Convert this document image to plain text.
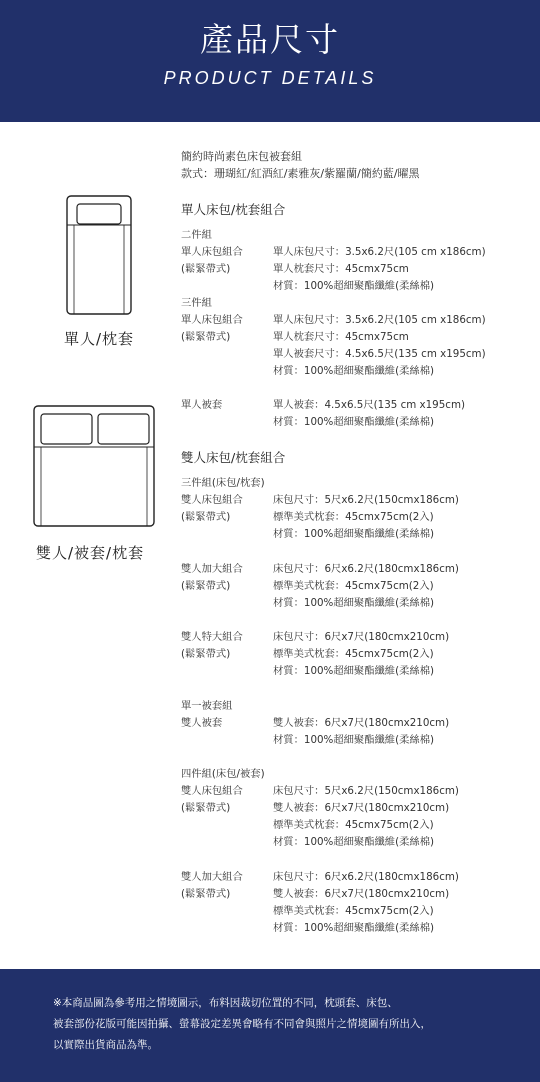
產品尺寸
PRODUCT DETAILS
簡約時尚素色床包被套組
款式：珊瑚紅/紅酒紅/素雅灰/紫羅蘭/簡約藍/曜黑
單人/枕套
雙人/被套/枕套
單人床包/枕套組合
二件組
單人床包組合
(鬆緊帶式)
單人床包尺寸：3.5x6.2尺(105 cm x186cm)
單人枕套尺寸：45cmx75cm
材質：100%超細聚酯纖維(柔絲棉)
三件組
單人床包組合
(鬆緊帶式)
單人床包尺寸：3.5x6.2尺(105 cm x186cm)
單人枕套尺寸：45cmx75cm
單人被套尺寸：4.5x6.5尺(135 cm x195cm)
材質：100%超細聚酯纖維(柔絲棉)
單人被套	單人被套：4.5x6.5尺(135 cm x195cm)
材質：100%超細聚酯纖維(柔絲棉)
雙人床包/枕套組合
三件組(床包/枕套)
雙人床包組合
(鬆緊帶式)
床包尺寸：5尺x6.2尺(150cmx186cm)
標準美式枕套：45cmx75cm(2入)
材質：100%超細聚酯纖維(柔絲棉)
雙人加大組合
(鬆緊帶式)
床包尺寸：6尺x6.2尺(180cmx186cm)
標準美式枕套：45cmx75cm(2入)
材質：100%超細聚酯纖維(柔絲棉)
雙人特大組合
(鬆緊帶式)
床包尺寸：6尺x7尺(180cmx210cm)
標準美式枕套：45cmx75cm(2入)
材質：100%超細聚酯纖維(柔絲棉)
單一被套組
雙人被套	雙人被套：6尺x7尺(180cmx210cm)
材質：100%超細聚酯纖維(柔絲棉)
四件組(床包/被套)
雙人床包組合
(鬆緊帶式)
床包尺寸：5尺x6.2尺(150cmx186cm)
雙人被套：6尺x7尺(180cmx210cm)
標準美式枕套：45cmx75cm(2入)
材質：100%超細聚酯纖維(柔絲棉)
雙人加大組合
(鬆緊帶式)
床包尺寸：6尺x6.2尺(180cmx186cm)
雙人被套：6尺x7尺(180cmx210cm)
標準美式枕套：45cmx75cm(2入)
材質：100%超細聚酯纖維(柔絲棉)
※本商品圖為參考用之情境圖示，布料因裁切位置的不同，枕頭套、床包、
被套部份花版可能因拍攝、螢幕設定差異會略有不同會與照片之情境圖有所出入，
以實際出貨商品為準。
